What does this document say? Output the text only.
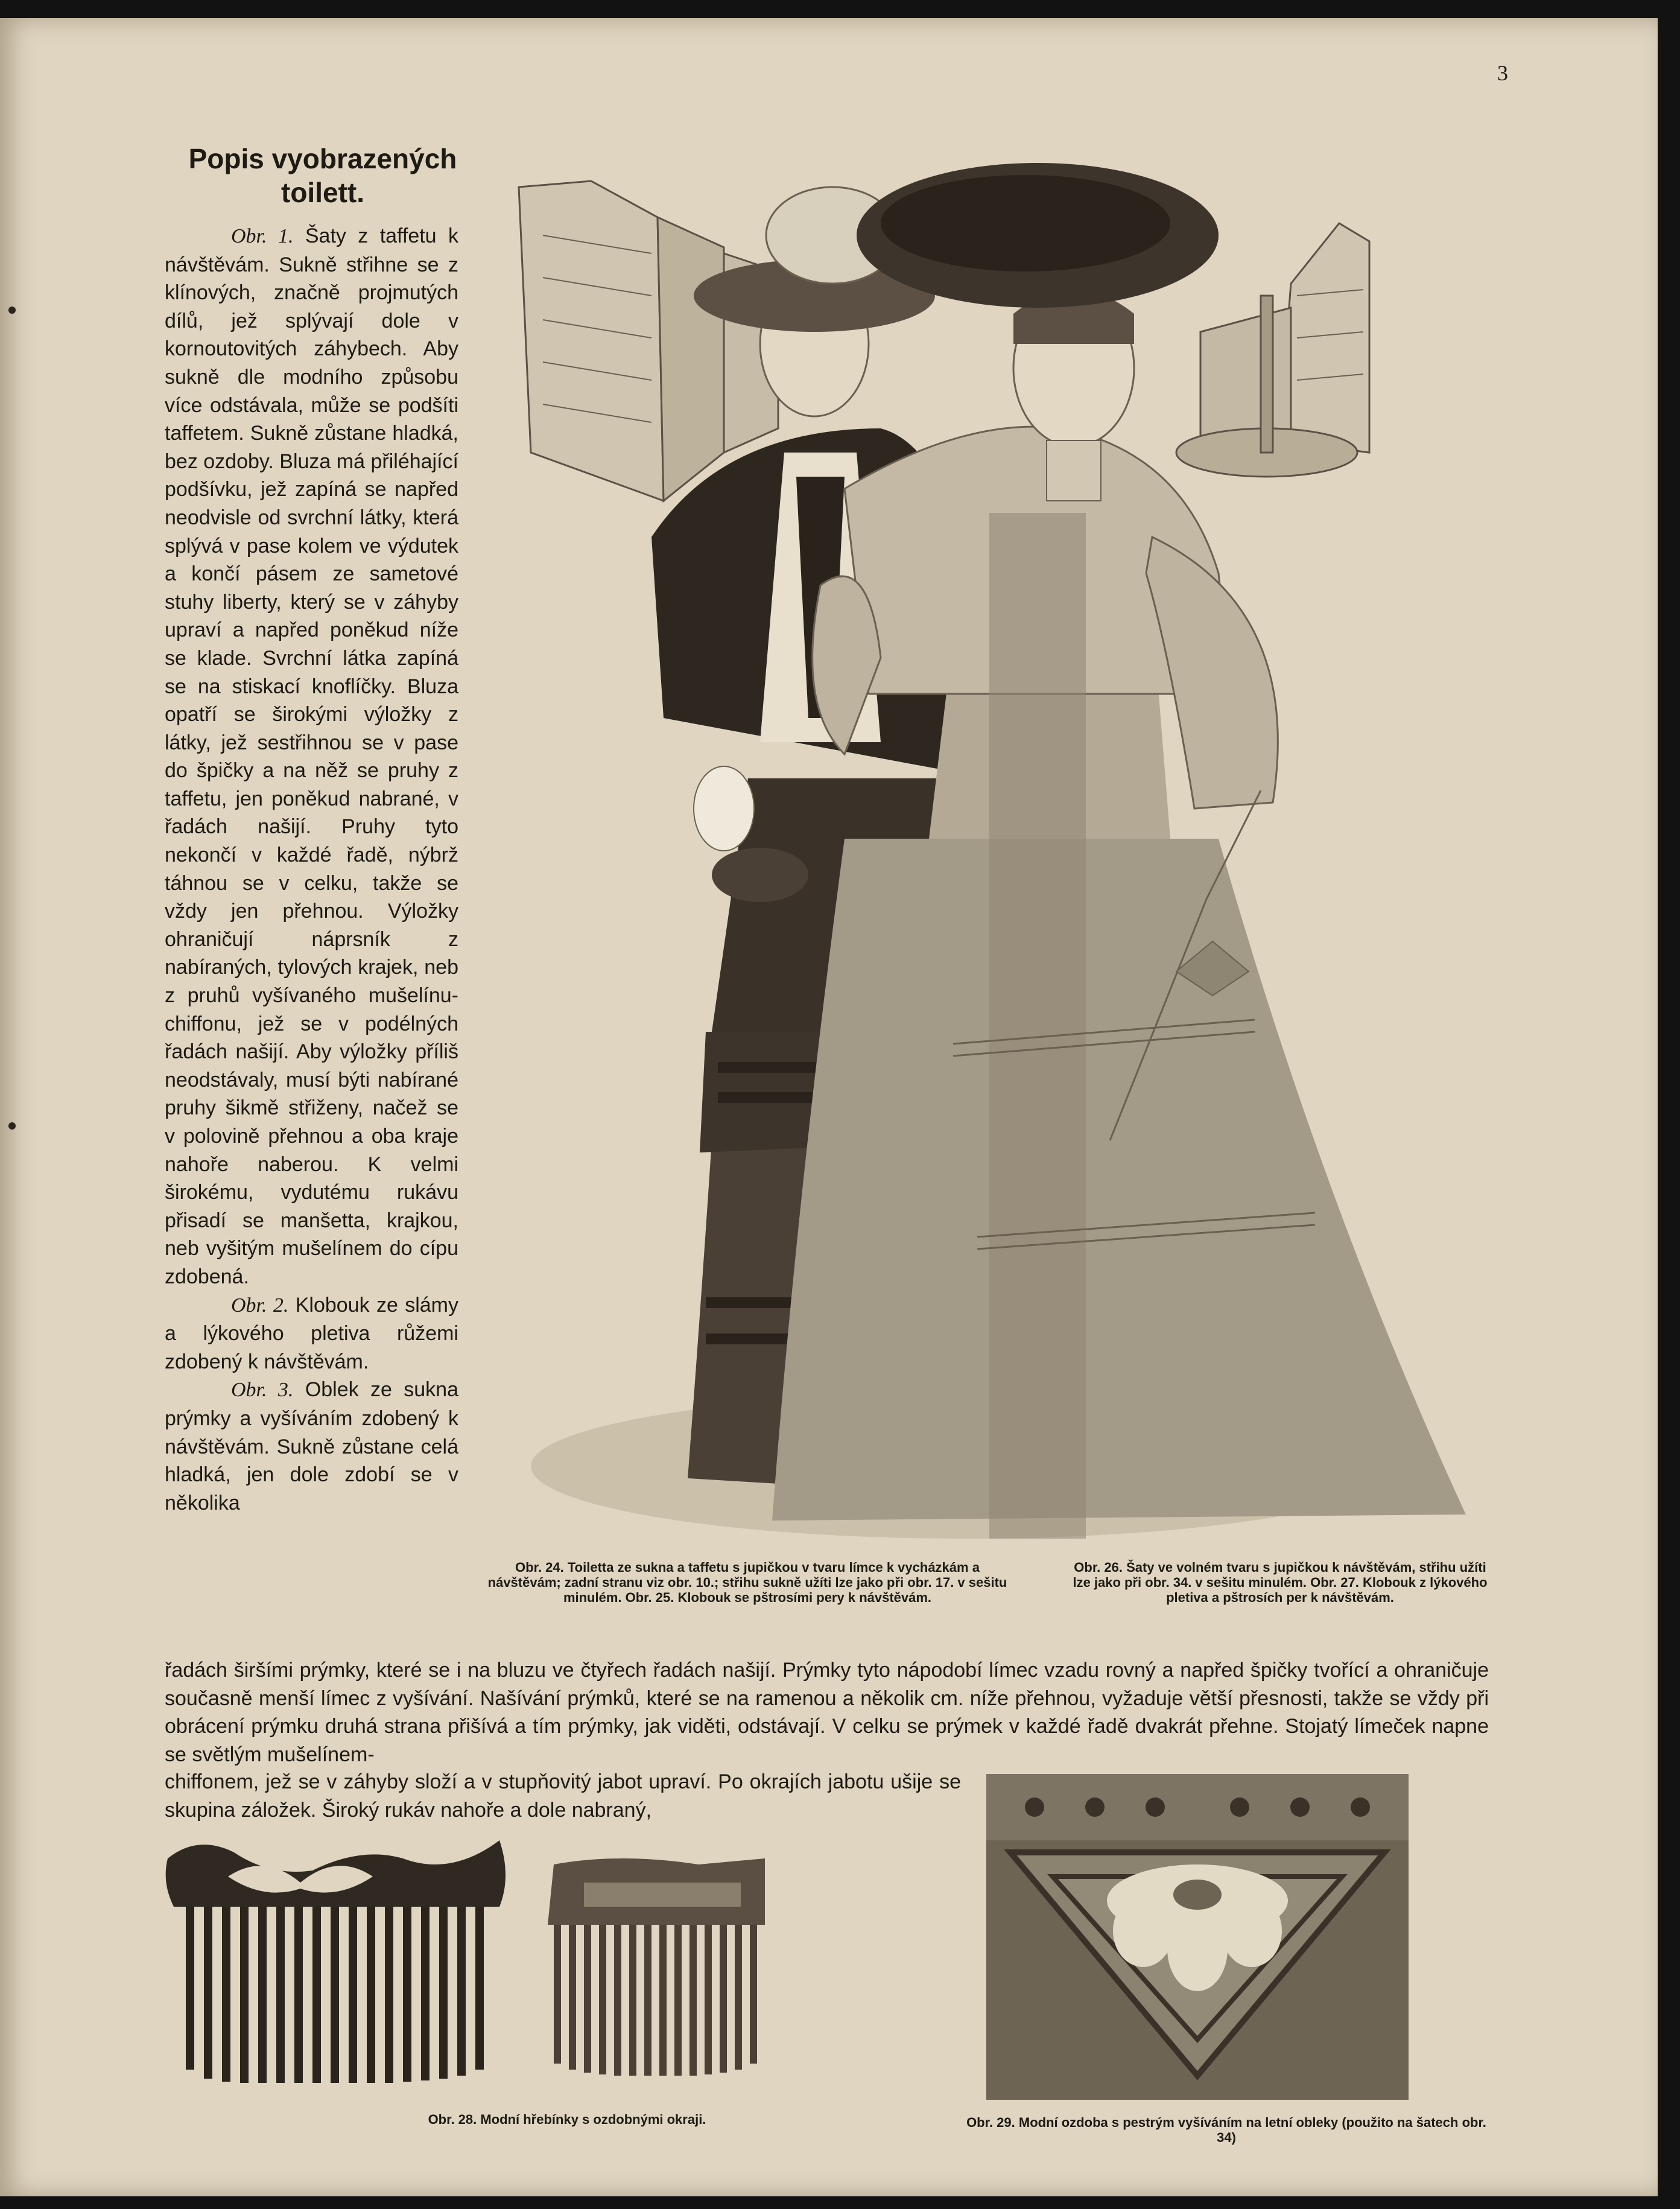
3
Popis vyobrazených toilett.

Obr. 1. Šaty z taffetu k návštěvám. Sukně střihne se z klínových, značně projmutých dílů, jež splývají dole v kornoutovitých záhybech. Aby sukně dle modního způsobu více odstávala, může se podšíti taffetem. Sukně zůstane hladká, bez ozdoby. Bluza má přiléhající podšívku, jež zapíná se napřed neodvisle od svrchní látky, která splývá v pase kolem ve výdutek a končí pásem ze sametové stuhy liberty, který se v záhyby upraví a napřed poněkud níže se klade. Svrchní látka zapíná se na stiskací knoflíčky. Bluza opatří se širokými výložky z látky, jež sestřihnou se v pase do špičky a na něž se pruhy z taffetu, jen poněkud nabrané, v řadách našijí. Pruhy tyto nekončí v každé řadě, nýbrž táhnou se v celku, takže se vždy jen přehnou. Výložky ohraničují náprsník z nabíraných, tylových krajek, neb z pruhů vyšívaného mušelínu-chiffonu, jež se v podélných řadách našijí. Aby výložky příliš neodstávaly, musí býti nabírané pruhy šikmě střiženy, načež se v polovině přehnou a oba kraje nahoře naberou. K velmi širokému, vydutému rukávu přisadí se manšetta, krajkou, neb vyšitým mušelínem do cípu zdobená.

Obr. 2. Klobouk ze slámy a lýkového pletiva růžemi zdobený k návštěvám.

Obr. 3. Oblek ze sukna prýmky a vyšíváním zdobený k návštěvám. Sukně zůstane celá hladká, jen dole zdobí se v několika

Obr. 24. Toiletta ze sukna a taffetu s jupičkou v tvaru límce k vycházkám a návštěvám; zadní stranu viz obr. 10.; střihu sukně užíti lze jako při obr. 17. v sešitu minulém. Obr. 25. Klobouk se pštrosími pery k návštěvám.

Obr. 26. Šaty ve volném tvaru s jupičkou k návštěvám, střihu užíti lze jako při obr. 34. v sešitu minulém. Obr. 27. Klobouk z lýkového pletiva a pštrosích per k návštěvám.

řadách širšími prýmky, které se i na bluzu ve čtyřech řadách našijí. Prýmky tyto nápodobí límec vzadu rovný a napřed špičky tvořící a ohraničuje současně menší límec z vyšívání. Našívání prýmků, které se na ramenou a několik cm. níže přehnou, vyžaduje větší přesnosti, takže se vždy při obrácení prýmku druhá strana přišívá a tím prýmky, jak viděti, odstávají. V celku se prýmek v každé řadě dvakrát přehne. Stojatý límeček napne se světlým mušelínem-

chiffonem, jež se v záhyby složí a v stupňovitý jabot upraví. Po okrajích jabotu ušije se skupina záložek. Široký rukáv nahoře a dole nabraný,

Obr. 28. Modní hřebínky s ozdobnými okraji.	Obr. 29. Modní ozdoba s pestrým vyšíváním na letní obleky (použito na šatech obr. 34)
